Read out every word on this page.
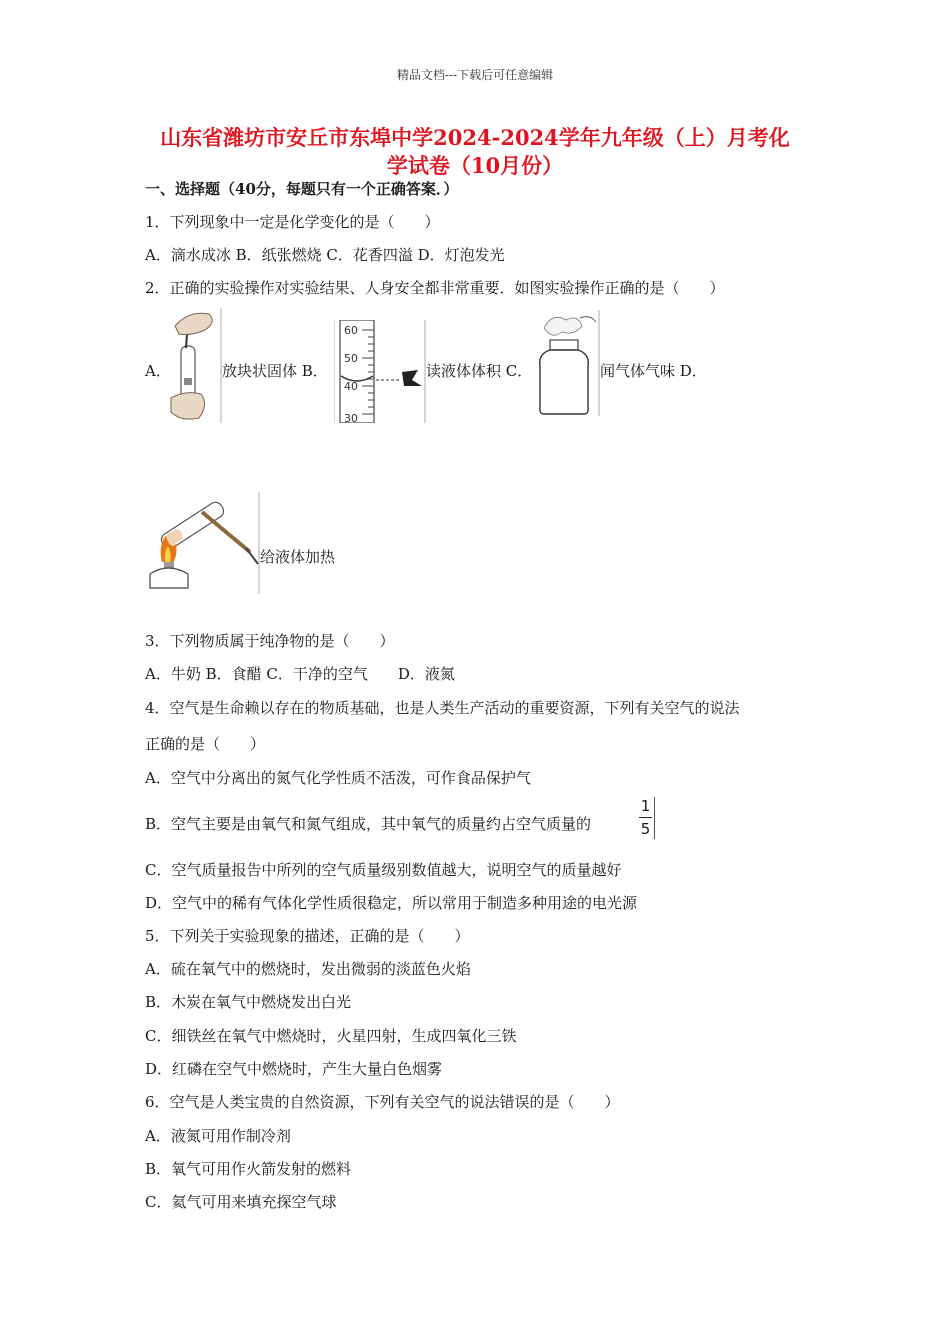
精品文档---下载后可任意编辑
山东省潍坊市安丘市东埠中学2024-2024学年九年级（上）月考化
学试卷（10月份）
一、选择题（40分，每题只有一个正确答案．）
1．下列现象中一定是化学变化的是（　　）
A．滴水成冰 B．纸张燃烧 C．花香四溢 D．灯泡发光
2．正确的实验操作对实验结果、人身安全都非常重要．如图实验操作正确的是（　　）
A．	放块状固体 B．
60
50
40
30
读液体体积 C．	闻气体气味 D．
给液体加热
3．下列物质属于纯净物的是（　　）
A．牛奶 B．食醋 C．干净的空气　　D．液氮
4．空气是生命赖以存在的物质基础，也是人类生产活动的重要资源，下列有关空气的说法
正确的是（　　）
A．空气中分离出的氮气化学性质不活泼，可作食品保护气
B．空气主要是由氧气和氮气组成，其中氧气的质量约占空气质量的
1
5
C．空气质量报告中所列的空气质量级别数值越大，说明空气的质量越好
D．空气中的稀有气体化学性质很稳定，所以常用于制造多种用途的电光源
5．下列关于实验现象的描述，正确的是（　　）
A．硫在氧气中的燃烧时，发出微弱的淡蓝色火焰
B．木炭在氧气中燃烧发出白光
C．细铁丝在氧气中燃烧时，火星四射，生成四氧化三铁
D．红磷在空气中燃烧时，产生大量白色烟雾
6．空气是人类宝贵的自然资源，下列有关空气的说法错误的是（　　）
A．液氮可用作制冷剂
B．氧气可用作火箭发射的燃料
C．氦气可用来填充探空气球
